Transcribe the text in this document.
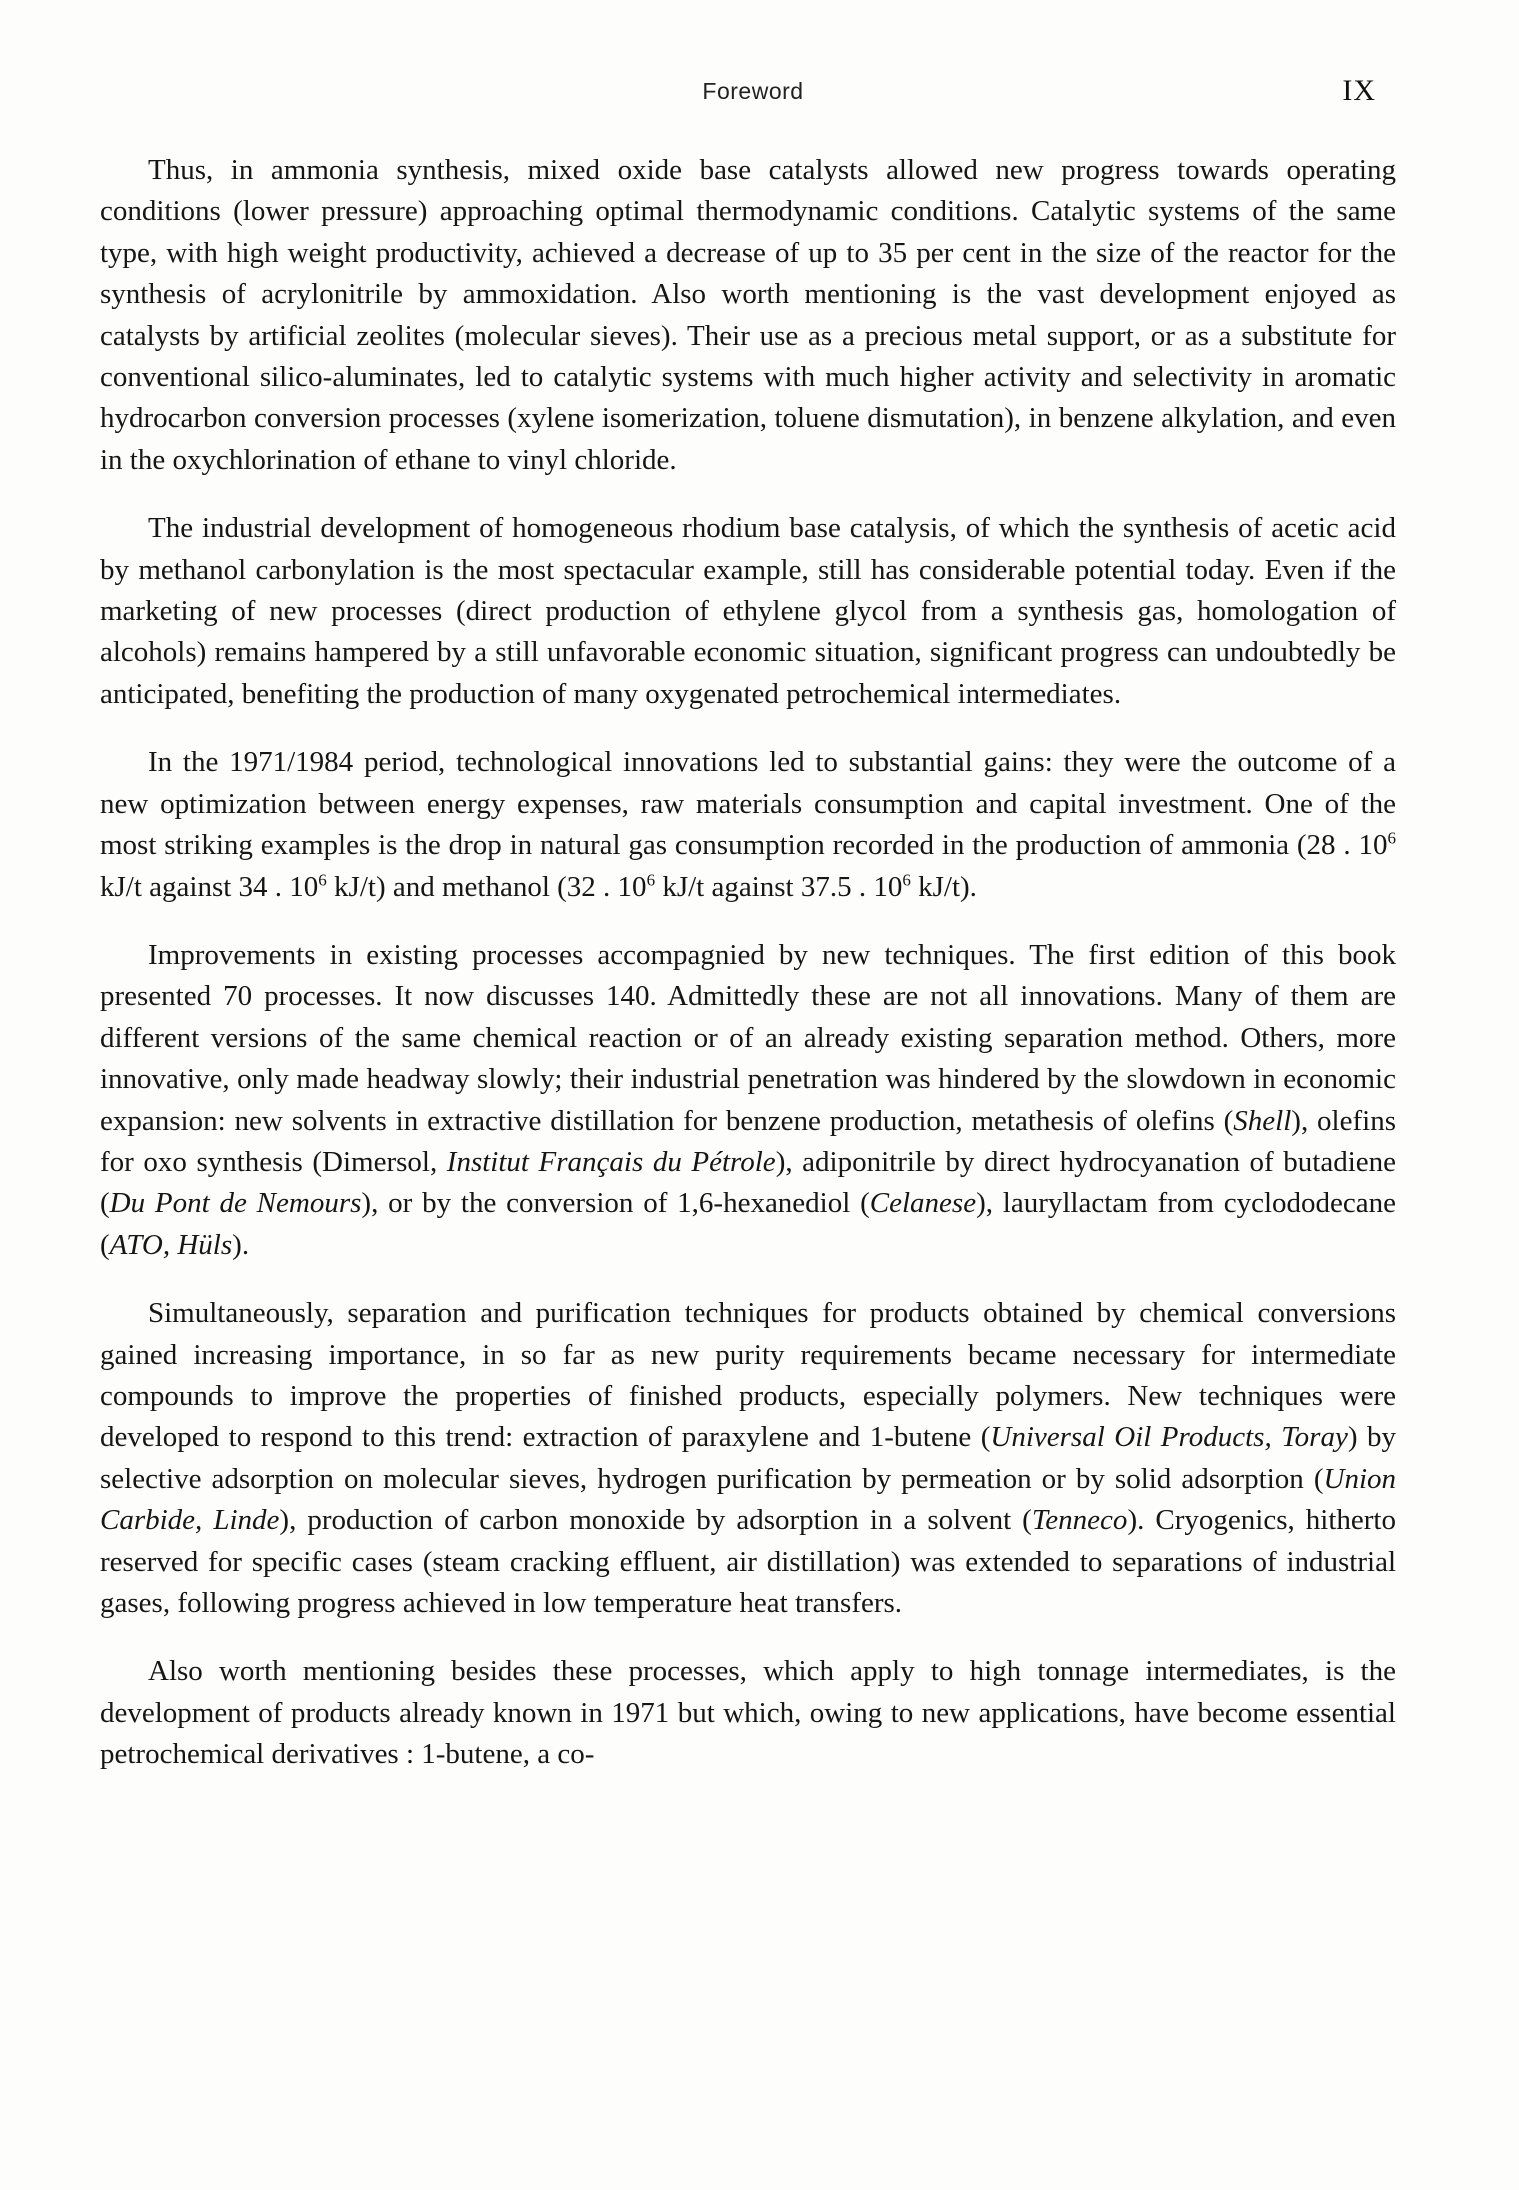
Foreword	IX

Thus, in ammonia synthesis, mixed oxide base catalysts allowed new progress towards operating conditions (lower pressure) approaching optimal thermodynamic conditions. Catalytic systems of the same type, with high weight productivity, achieved a decrease of up to 35 per cent in the size of the reactor for the synthesis of acrylonitrile by ammoxidation. Also worth mentioning is the vast development enjoyed as catalysts by artificial zeolites (molecular sieves). Their use as a precious metal support, or as a substitute for conventional silico-aluminates, led to catalytic systems with much higher activity and selectivity in aromatic hydrocarbon conversion processes (xylene isomerization, toluene dismutation), in benzene alkylation, and even in the oxychlorination of ethane to vinyl chloride.

The industrial development of homogeneous rhodium base catalysis, of which the synthesis of acetic acid by methanol carbonylation is the most spectacular example, still has considerable potential today. Even if the marketing of new processes (direct production of ethylene glycol from a synthesis gas, homologation of alcohols) remains hampered by a still unfavorable economic situation, significant progress can undoubtedly be anticipated, benefiting the production of many oxygenated petrochemical intermediates.

In the 1971/1984 period, technological innovations led to substantial gains: they were the outcome of a new optimization between energy expenses, raw materials consumption and capital investment. One of the most striking examples is the drop in natural gas consumption recorded in the production of ammonia (28 . $10^6$ kJ/t against 34 . $10^6$ kJ/t) and methanol (32 . $10^6$ kJ/t against 37.5 . $10^6$ kJ/t).

Improvements in existing processes accompagnied by new techniques. The first edition of this book presented 70 processes. It now discusses 140. Admittedly these are not all innovations. Many of them are different versions of the same chemical reaction or of an already existing separation method. Others, more innovative, only made headway slowly; their industrial penetration was hindered by the slowdown in economic expansion: new solvents in extractive distillation for benzene production, metathesis of olefins (Shell), olefins for oxo synthesis (Dimersol, Institut Français du Pétrole), adiponitrile by direct hydrocyanation of butadiene (Du Pont de Nemours), or by the conversion of 1,6-hexanediol (Celanese), lauryllactam from cyclododecane (ATO, Hüls).

Simultaneously, separation and purification techniques for products obtained by chemical conversions gained increasing importance, in so far as new purity requirements became necessary for intermediate compounds to improve the properties of finished products, especially polymers. New techniques were developed to respond to this trend: extraction of paraxylene and 1-butene (Universal Oil Products, Toray) by selective adsorption on molecular sieves, hydrogen purification by permeation or by solid adsorption (Union Carbide, Linde), production of carbon monoxide by adsorption in a solvent (Tenneco). Cryogenics, hitherto reserved for specific cases (steam cracking effluent, air distillation) was extended to separations of industrial gases, following progress achieved in low temperature heat transfers.

Also worth mentioning besides these processes, which apply to high tonnage intermediates, is the development of products already known in 1971 but which, owing to new applications, have become essential petrochemical derivatives : 1-butene, a co-
